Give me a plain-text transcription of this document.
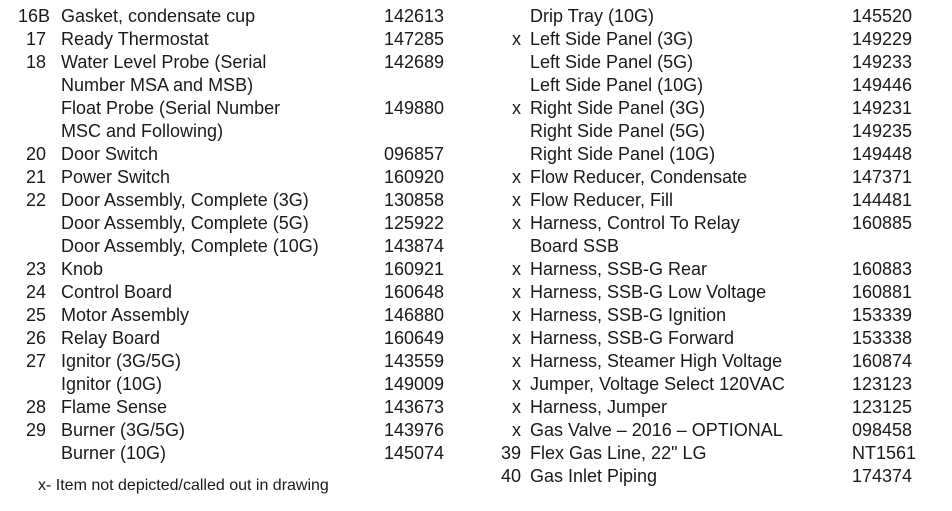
16B Gasket, condensate cup	142613
17 Ready Thermostat	147285
18 Water Level Probe (Serial	142689
Number MSA and MSB)
Float Probe (Serial Number	149880
MSC and Following)
20 Door Switch	096857
21 Power Switch	160920
22 Door Assembly, Complete (3G)	130858
Door Assembly, Complete (5G)	125922
Door Assembly, Complete (10G)	143874
23 Knob	160921
24 Control Board	160648
25 Motor Assembly	146880
26 Relay Board	160649
27 Ignitor (3G/5G)	143559
Ignitor (10G)	149009
28 Flame Sense	143673
29 Burner (3G/5G)	143976
Burner (10G)	145074
Drip Tray (10G)	145520
x Left Side Panel (3G)	149229
Left Side Panel (5G)	149233
Left Side Panel (10G)	149446
x Right Side Panel (3G)	149231
Right Side Panel (5G)	149235
Right Side Panel (10G)	149448
x Flow Reducer, Condensate	147371
x Flow Reducer, Fill	144481
x Harness, Control To Relay	160885
Board SSB
x Harness, SSB-G Rear	160883
x Harness, SSB-G Low Voltage	160881
x Harness, SSB-G Ignition	153339
x Harness, SSB-G Forward	153338
x Harness, Steamer High Voltage	160874
x Jumper, Voltage Select 120VAC	123123
x Harness, Jumper	123125
x Gas Valve – 2016 – OPTIONAL	098458
39 Flex Gas Line, 22" LG	NT1561
40 Gas Inlet Piping	174374
x- Item not depicted/called out in drawing
